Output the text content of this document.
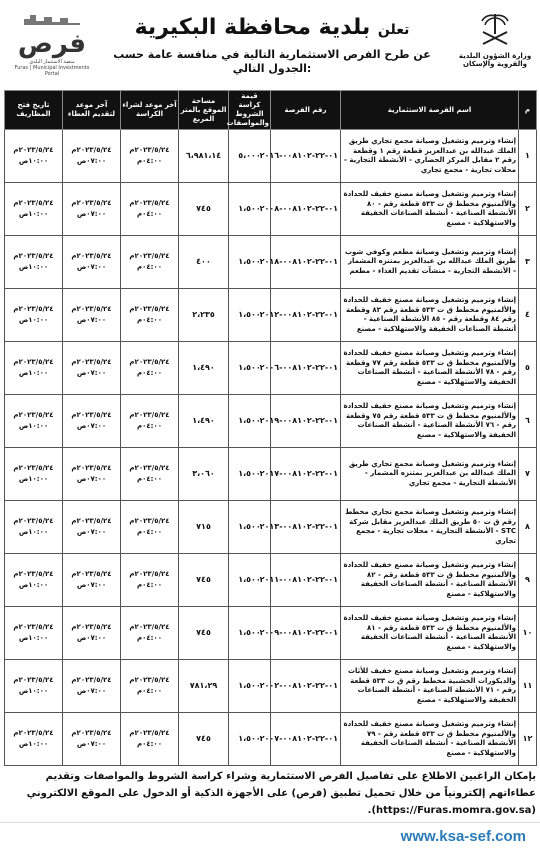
وزارة الشؤون البلدية والقروية والإسكان
تعلن بلدية محافظة البكيرية
عن طرح الفرص الاستثمارية التالية في منافسة عامة حسب الجدول التالي:
فرص
منصة الاستثمار البلدي
Furas | Municipal Investments Portal
م	اسم الفرصة الاستثمارية	رقم الفرصة	قيمة كراسة الشروط والمواصفات	مساحة الموقع بالمتر المربع	آخر موعد لشراء الكراسة	آخر موعد لتقديم العطاء	تاريخ فتح المظاريف
١	إنشاء وترميم وتشغيل وصيانة مجمع تجاري طريق الملك عبدالله بن عبدالعزيز قطعة رقم ١ وقطعة رقم ٢ مقابل المركز الحضاري - الأنشطة التجارية - محلات تجارية - مجمع تجاري	٠١-٢٢-٠٠٨١٠٢-٢٠١٦	٥،٠٠٠	٦،٩٨١،١٤	٢٠٢٣/٥/٢٤م ٠٤:٠٠م	٢٠٢٣/٥/٢٤م ٠٧:٠٠ص	٢٠٢٣/٥/٢٤م ١٠:٠٠ص
٢	إنشاء وترميم وتشغيل وصيانة مصنع خفيف للحدادة والألمنيوم مخطط ق ت ٥٣٣ قطعة رقم - ٨٠ الأنشطة الصناعية - أنشطة الصناعات الخفيفة والاستهلاكية - مصنع	٠١-٢٢-٠٠٨١٠٢-٢٠٠٨	١،٥٠٠	٧٤٥	٢٠٢٣/٥/٢٤م ٠٤:٠٠م	٢٠٢٣/٥/٢٤م ٠٧:٠٠ص	٢٠٢٣/٥/٢٤م ١٠:٠٠ص
٣	إنشاء وترميم وتشغيل وصيانة مطعم وكوفي شوب طريق الملك عبدالله بن عبدالعزيز بمتنزه المشمار - الأنشطة التجارية - منشآت تقديم الغذاء - مطعم	٠١-٢٢-٠٠٨١٠٢-٢٠١٨	١،٥٠٠	٤٠٠	٢٠٢٣/٥/٢٤م ٠٤:٠٠م	٢٠٢٣/٥/٢٤م ٠٧:٠٠ص	٢٠٢٣/٥/٢٤م ١٠:٠٠ص
٤	إنشاء وترميم وتشغيل وصيانة مصنع خفيف للحدادة والألمنيوم مخطط ق ت ٥٣٣ قطعة رقم ٨٣ وقطعة رقم ٨٤ وقطعة رقم - ٨٥ الأنشطة الصناعية - أنشطة الصناعات الخفيفة والاستهلاكية - مصنع	٠١-٢٢-٠٠٨١٠٢-٢٠١٢	١،٥٠٠	٢،٢٣٥	٢٠٢٣/٥/٢٤م ٠٤:٠٠م	٢٠٢٣/٥/٢٤م ٠٧:٠٠ص	٢٠٢٣/٥/٢٤م ١٠:٠٠ص
٥	إنشاء وترميم وتشغيل وصيانة مصنع خفيف للحدادة والألمنيوم مخطط ق ت ٥٣٣ قطعة رقم ٧٧ وقطعة رقم - ٧٨ الأنشطة الصناعية - أنشطة الصناعات الخفيفة والاستهلاكية - مصنع	٠١-٢٢-٠٠٨١٠٢-٢٠٠٦	١،٥٠٠	١،٤٩٠	٢٠٢٣/٥/٢٤م ٠٤:٠٠م	٢٠٢٣/٥/٢٤م ٠٧:٠٠ص	٢٠٢٣/٥/٢٤م ١٠:٠٠ص
٦	إنشاء وترميم وتشغيل وصيانة مصنع خفيف للحدادة والألمنيوم مخطط ق ت ٥٣٣ قطعة رقم ٧٥ وقطعة رقم - ٧٦ الأنشطة الصناعية - أنشطة الصناعات الخفيفة والاستهلاكية - مصنع	٠١-٢٢-٠٠٨١٠٢-٢٠١٩	١،٥٠٠	١،٤٩٠	٢٠٢٣/٥/٢٤م ٠٤:٠٠م	٢٠٢٣/٥/٢٤م ٠٧:٠٠ص	٢٠٢٣/٥/٢٤م ١٠:٠٠ص
٧	إنشاء وترميم وتشغيل وصيانة مجمع تجاري طريق الملك عبدالله بن عبدالعزيز بمتنزه المشمار - الأنشطة التجارية - مجمع تجاري	٠١-٢٢-٠٠٨١٠٢-٢٠١٧	١،٥٠٠	٣،٠٦٠	٢٠٢٣/٥/٢٤م ٠٤:٠٠م	٢٠٢٣/٥/٢٤م ٠٧:٠٠ص	٢٠٢٣/٥/٢٤م ١٠:٠٠ص
٨	إنشاء وترميم وتشغيل وصيانة مجمع تجاري مخطط رقم ق ت ٥٠ طريق الملك عبدالعزيز مقابل شركة STC - الأنشطة التجارية - محلات تجارية - مجمع تجاري	٠١-٢٢-٠٠٨١٠٢-٢٠١٣	١،٥٠٠	٧١٥	٢٠٢٣/٥/٢٤م ٠٤:٠٠م	٢٠٢٣/٥/٢٤م ٠٧:٠٠ص	٢٠٢٣/٥/٢٤م ١٠:٠٠ص
٩	إنشاء وترميم وتشغيل وصيانة مصنع خفيف للحدادة والألمنيوم مخطط ق ت ٥٣٣ قطعة رقم - ٨٢ الأنشطة الصناعية - أنشطة الصناعات الخفيفة والاستهلاكية - مصنع	٠١-٢٢-٠٠٨١٠٢-٢٠١١	١،٥٠٠	٧٤٥	٢٠٢٣/٥/٢٤م ٠٤:٠٠م	٢٠٢٣/٥/٢٤م ٠٧:٠٠ص	٢٠٢٣/٥/٢٤م ١٠:٠٠ص
١٠	إنشاء وترميم وتشغيل وصيانة مصنع خفيف للحدادة والألمنيوم مخطط ق ت ٥٣٣ قطعة رقم - ٨١ الأنشطة الصناعية - أنشطة الصناعات الخفيفة والاستهلاكية - مصنع	٠١-٢٢-٠٠٨١٠٢-٢٠٠٩	١،٥٠٠	٧٤٥	٢٠٢٣/٥/٢٤م ٠٤:٠٠م	٢٠٢٣/٥/٢٤م ٠٧:٠٠ص	٢٠٢٣/٥/٢٤م ١٠:٠٠ص
١١	إنشاء وترميم وتشغيل وصيانة مصنع خفيف للأثاث والديكورات الخشبية مخطط رقم ق ت ٥٣٣ قطعة رقم - ٧١ الأنشطة الصناعية - أنشطة الصناعات الخفيفة والاستهلاكية - مصنع	٠١-٢٢-٠٠٨١٠٢-٢٠٠٢	١،٥٠٠	٧٨١،٢٩	٢٠٢٣/٥/٢٤م ٠٤:٠٠م	٢٠٢٣/٥/٢٤م ٠٧:٠٠ص	٢٠٢٣/٥/٢٤م ١٠:٠٠ص
١٢	إنشاء وترميم وتشغيل وصيانة مصنع خفيف للحدادة والألمنيوم مخطط ق ت ٥٣٣ قطعة رقم - ٧٩ الأنشطة الصناعية - أنشطة الصناعات الخفيفة والاستهلاكية - مصنع	٠١-٢٢-٠٠٨١٠٢-٢٠٠٧	١،٥٠٠	٧٤٥	٢٠٢٣/٥/٢٤م ٠٤:٠٠م	٢٠٢٣/٥/٢٤م ٠٧:٠٠ص	٢٠٢٣/٥/٢٤م ١٠:٠٠ص
بإمكان الراغبين الاطلاع على تفاصيل الفرص الاستثمارية وشراء كراسة الشروط والمواصفات وتقديم عطاءاتهم إلكترونياً من خلال تحميل تطبيق (فرص) على الأجهزة الذكية أو الدخول على الموقع الالكتروني (https://Furas.momra.gov.sa).
www.ksa-sef.com
